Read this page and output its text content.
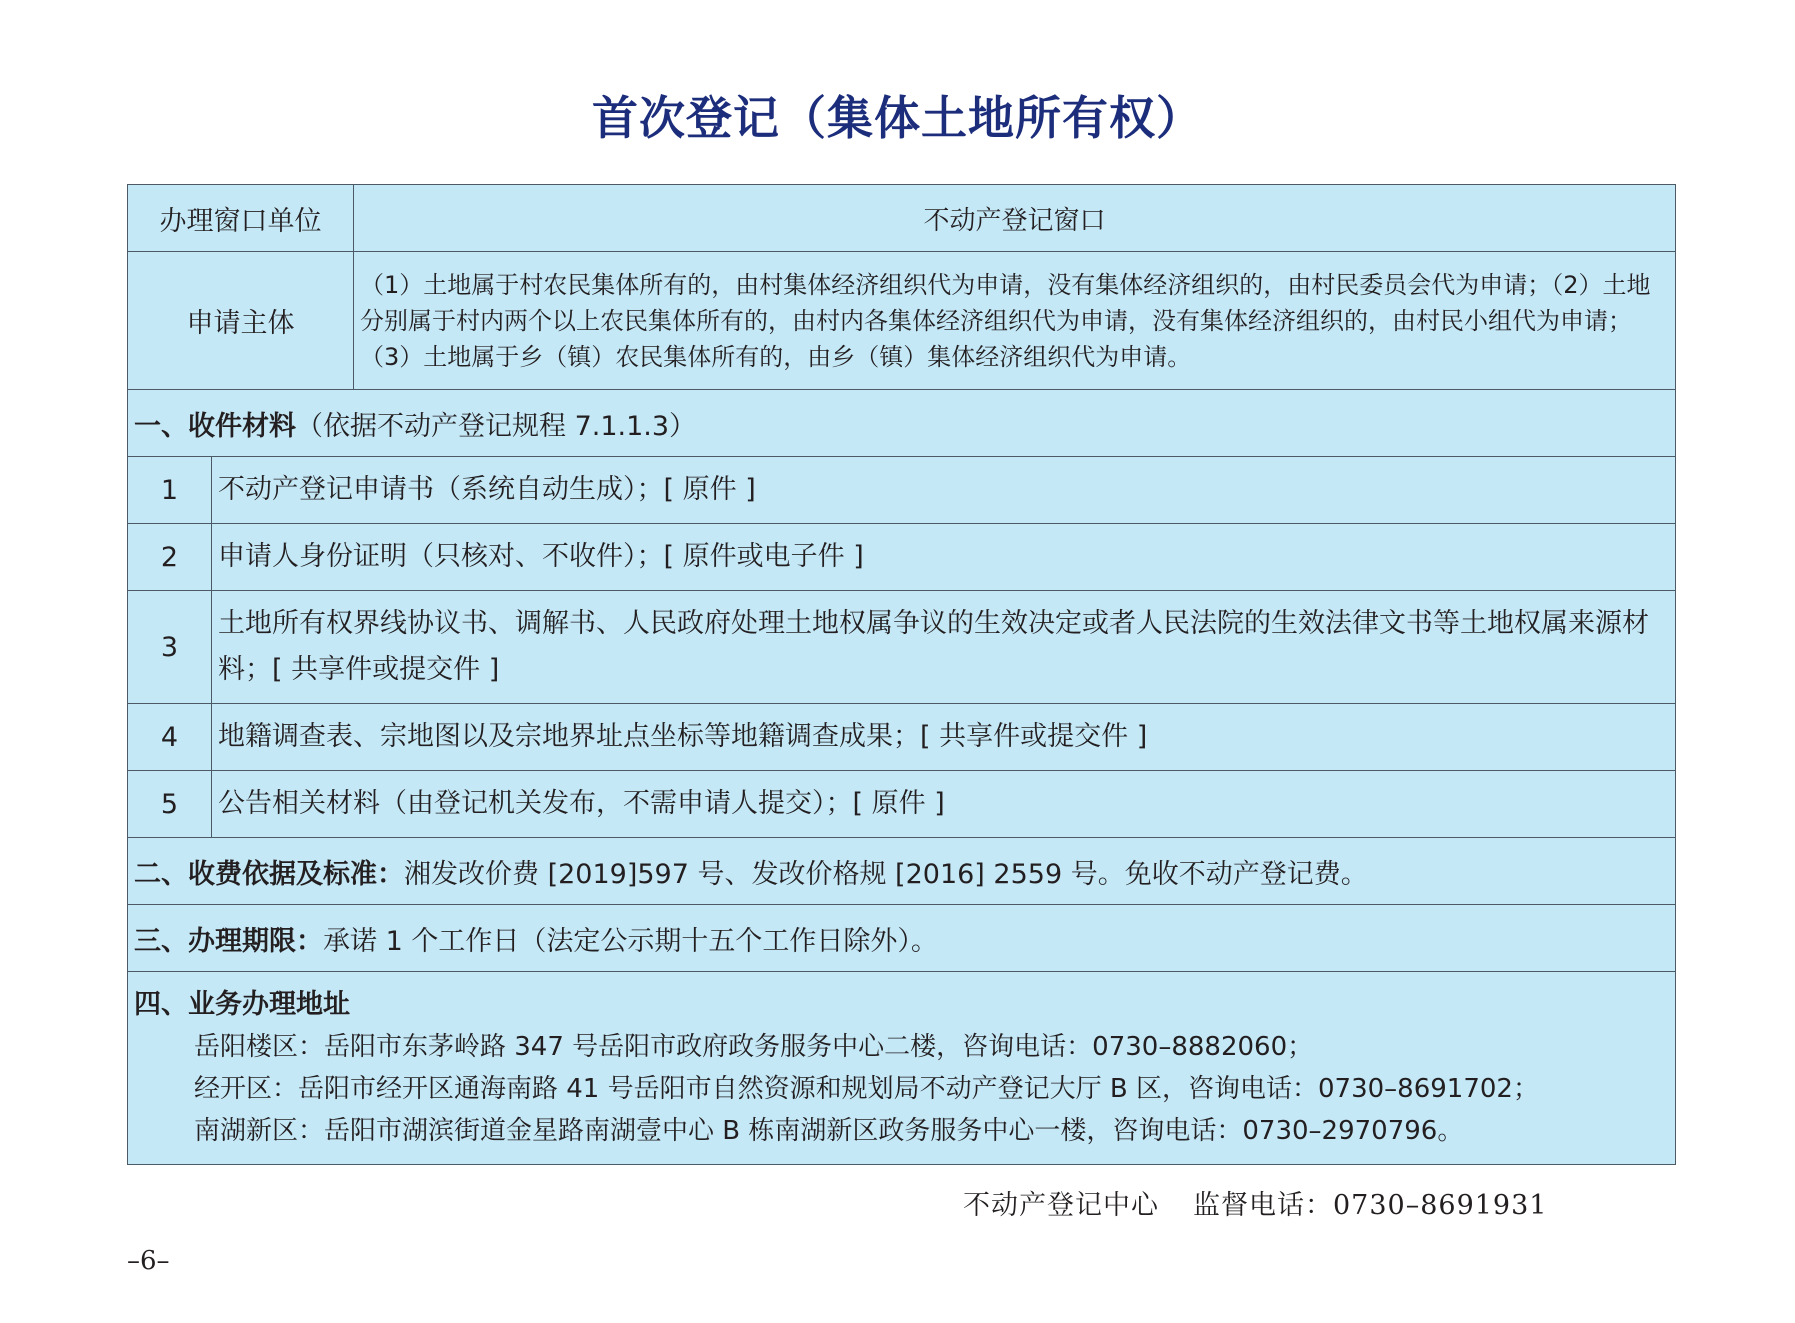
首次登记（集体土地所有权）
办理窗口单位		不动产登记窗口
申请主体		（1）土地属于村农民集体所有的，由村集体经济组织代为申请，没有集体经济组织的，由村民委员会代为申请；（2）土地分别属于村内两个以上农民集体所有的，由村内各集体经济组织代为申请，没有集体经济组织的，由村民小组代为申请；（3）土地属于乡（镇）农民集体所有的，由乡（镇）集体经济组织代为申请。
一、收件材料（依据不动产登记规程 7.1.1.3）		
1	不动产登记申请书（系统自动生成）；[ 原件 ]	
2	申请人身份证明（只核对、不收件）；[ 原件或电子件 ]	
3	土地所有权界线协议书、调解书、人民政府处理土地权属争议的生效决定或者人民法院的生效法律文书等土地权属来源材料；[ 共享件或提交件 ]	
4	地籍调查表、宗地图以及宗地界址点坐标等地籍调查成果；[ 共享件或提交件 ]	
5	公告相关材料（由登记机关发布，不需申请人提交）；[ 原件 ]	
二、收费依据及标准：湘发改价费 [2019]597 号、发改价格规 [2016] 2559 号。免收不动产登记费。		
三、办理期限：承诺 1 个工作日（法定公示期十五个工作日除外）。		

四、业务办理地址
岳阳楼区：岳阳市东茅岭路 347 号岳阳市政府政务服务中心二楼，咨询电话：0730–8882060；
经开区：岳阳市经开区通海南路 41 号岳阳市自然资源和规划局不动产登记大厅 B 区，咨询电话：0730–8691702；
南湖新区：岳阳市湖滨街道金星路南湖壹中心 B 栋南湖新区政务服务中心一楼，咨询电话：0730–2970796。		
不动产登记中心 监督电话：0730–8691931
–6–
